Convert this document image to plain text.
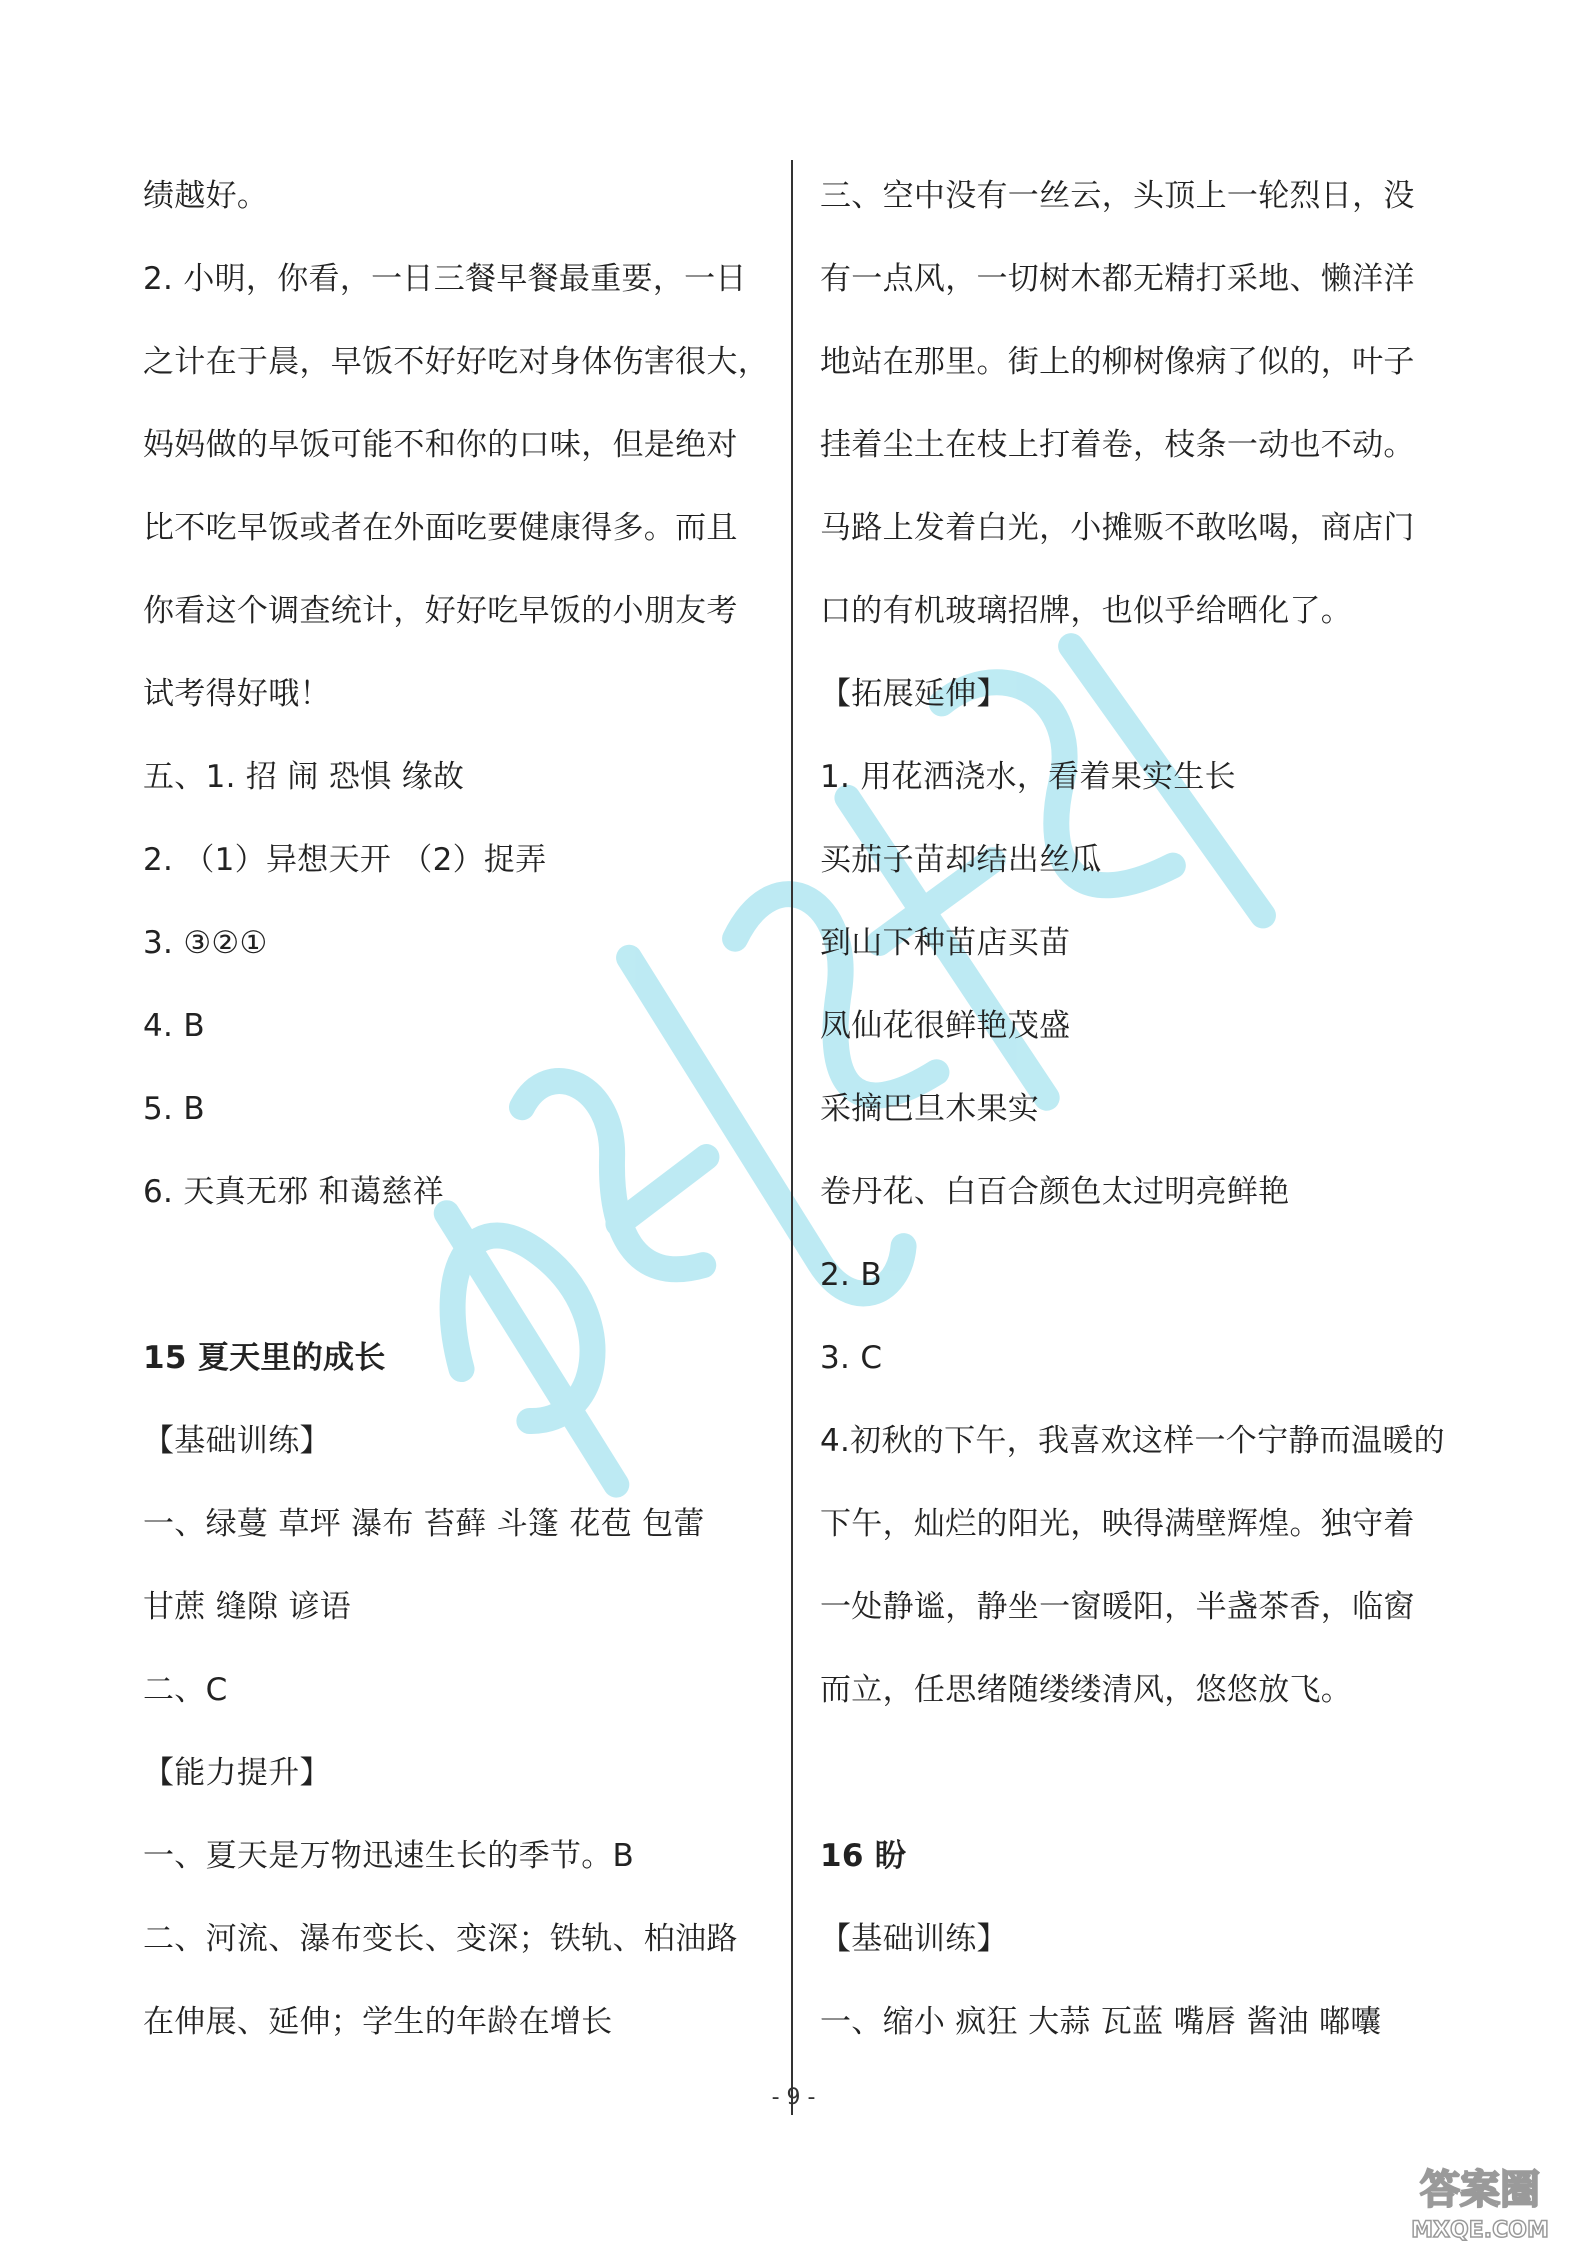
绩越好。
2. 小明，你看，一日三餐早餐最重要，一日
之计在于晨，早饭不好好吃对身体伤害很大，
妈妈做的早饭可能不和你的口味，但是绝对
比不吃早饭或者在外面吃要健康得多。而且
你看这个调查统计，好好吃早饭的小朋友考
试考得好哦！
五、1. 招 闹 恐惧 缘故
2. （1）异想天开 （2）捉弄
3. ③②①
4. B
5. B
6. 天真无邪 和蔼慈祥
15 夏天里的成长
【基础训练】
一、绿蔓 草坪 瀑布 苔藓 斗篷 花苞 包蕾
甘蔗 缝隙 谚语
二、C
【能力提升】
一、夏天是万物迅速生长的季节。B
二、河流、瀑布变长、变深；铁轨、柏油路
在伸展、延伸；学生的年龄在增长
三、空中没有一丝云，头顶上一轮烈日，没
有一点风，一切树木都无精打采地、懒洋洋
地站在那里。街上的柳树像病了似的，叶子
挂着尘土在枝上打着卷，枝条一动也不动。
马路上发着白光，小摊贩不敢吆喝，商店门
口的有机玻璃招牌，也似乎给晒化了。
【拓展延伸】
1. 用花洒浇水，看着果实生长
买茄子苗却结出丝瓜
到山下种苗店买苗
凤仙花很鲜艳茂盛
采摘巴旦木果实
卷丹花、白百合颜色太过明亮鲜艳
2. B
3. C
4.初秋的下午，我喜欢这样一个宁静而温暖的
下午，灿烂的阳光，映得满壁辉煌。独守着
一处静谧，静坐一窗暖阳，半盏茶香，临窗
而立，任思绪随缕缕清风，悠悠放飞。
16 盼
【基础训练】
一、缩小 疯狂 大蒜 瓦蓝 嘴唇 酱油 嘟囔
- 9 -
答案圈
MXQE.COM
